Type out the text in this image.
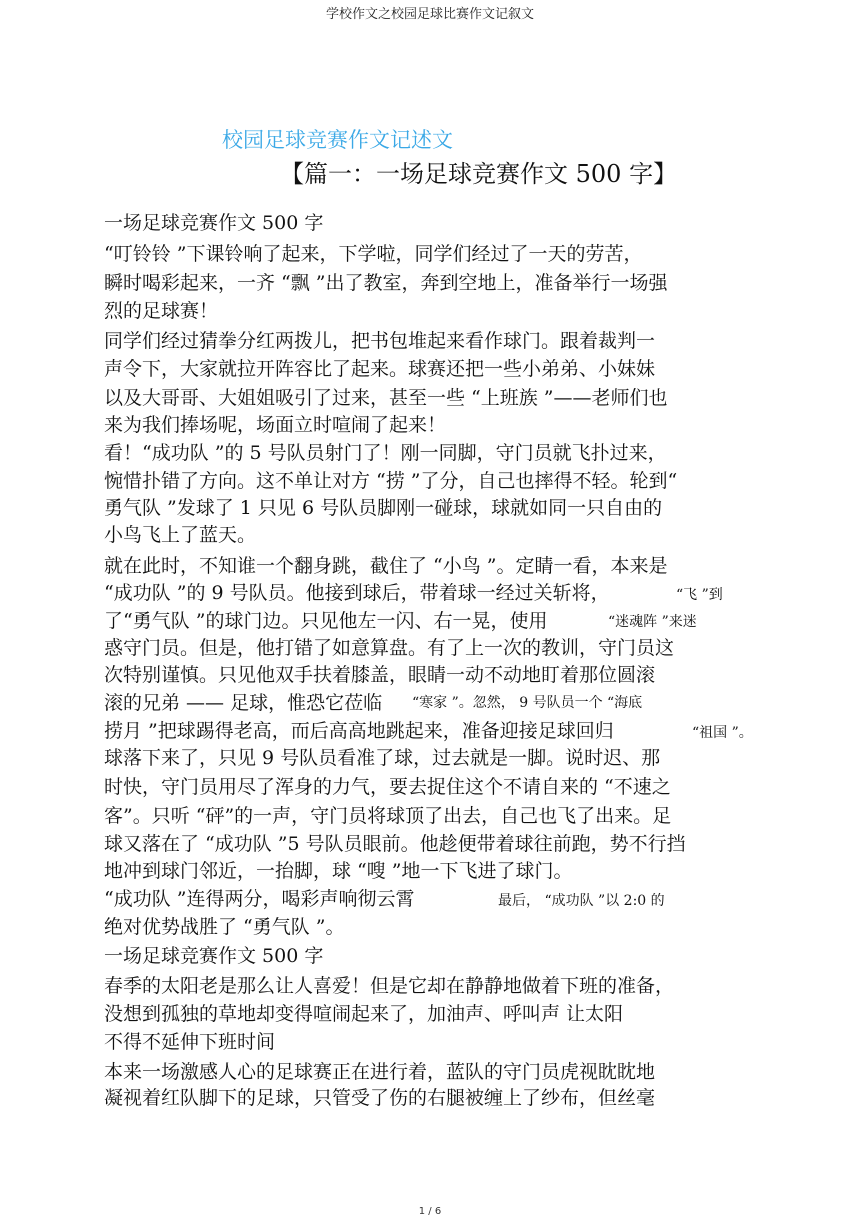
学校作文之校园足球比赛作文记叙文
校园足球竞赛作文记述文
【篇一：一场足球竞赛作文 500 字】
一场足球竞赛作文 500 字
“叮铃铃 ”下课铃响了起来，下学啦，同学们经过了一天的劳苦，
瞬时喝彩起来，一齐 “飘 ”出了教室，奔到空地上，准备举行一场强
烈的足球赛！
同学们经过猜拳分红两拨儿，把书包堆起来看作球门。跟着裁判一
声令下，大家就拉开阵容比了起来。球赛还把一些小弟弟、小妹妹
以及大哥哥、大姐姐吸引了过来，甚至一些 “上班族 ”——老师们也
来为我们捧场呢，场面立时喧闹了起来！
看！“成功队 ”的 5 号队员射门了！刚一同脚，守门员就飞扑过来，
惋惜扑错了方向。这不单让对方 “捞 ”了分，自己也摔得不轻。轮到“
勇气队 ”发球了 1 只见 6 号队员脚刚一碰球，球就如同一只自由的
小鸟飞上了蓝天。
就在此时，不知谁一个翻身跳，截住了 “小鸟 ”。定睛一看，本来是
“成功队 ”的 9 号队员。他接到球后，带着球一经过关斩将，
了“勇气队 ”的球门边。只见他左一闪、右一晃，使用
惑守门员。但是，他打错了如意算盘。有了上一次的教训，守门员这
次特别谨慎。只见他双手扶着膝盖，眼睛一动不动地盯着那位圆滚
滚的兄弟 —— 足球，惟恐它莅临
捞月 ”把球踢得老高，而后高高地跳起来，准备迎接足球回归
球落下来了，只见 9 号队员看准了球，过去就是一脚。说时迟、那
时快，守门员用尽了浑身的力气，要去捉住这个不请自来的 “不速之
客”。只听 “砰”的一声，守门员将球顶了出去，自己也飞了出来。足
球又落在了 “成功队 ”5 号队员眼前。他趁便带着球往前跑，势不行挡
地冲到球门邻近，一抬脚，球 “嗖 ”地一下飞进了球门。
“成功队 ”连得两分，喝彩声响彻云霄
绝对优势战胜了 “勇气队 ”。
一场足球竞赛作文 500 字
春季的太阳老是那么让人喜爱！但是它却在静静地做着下班的准备，
没想到孤独的草地却变得喧闹起来了，加油声、呼叫声 让太阳
不得不延伸下班时间
本来一场激感人心的足球赛正在进行着，蓝队的守门员虎视眈眈地
凝视着红队脚下的足球，只管受了伤的右腿被缠上了纱布，但丝毫
“飞 ”到
“迷魂阵 ”来迷
“寒家 ”。忽然， 9 号队员一个 “海底
“祖国 ”。
最后， “成功队 ”以 2:0 的
1 / 6
